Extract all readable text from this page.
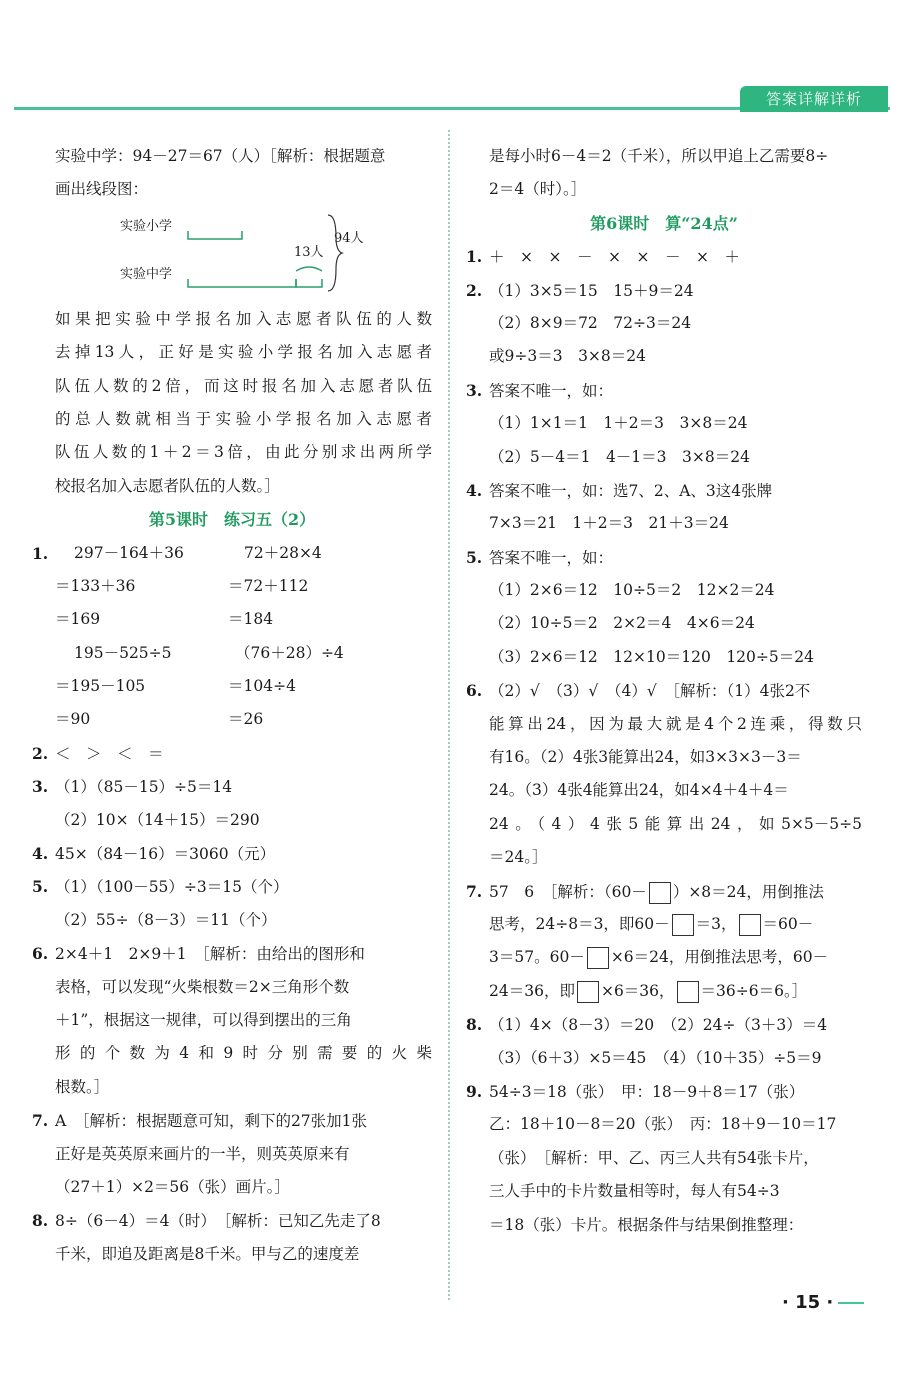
答案详解详析
实验中学：94－27＝67（人）［解析：根据题意
画出线段图：
实验小学
实验中学
13人
94人
如果把实验中学报名加入志愿者队伍的人数
去掉13人，正好是实验小学报名加入志愿者
队伍人数的2倍，而这时报名加入志愿者队伍
的总人数就相当于实验小学报名加入志愿者
队伍人数的1＋2＝3倍，由此分别求出两所学
校报名加入志愿者队伍的人数。］
第5课时　练习五（2）
1. 297－164＋36	72＋28×4
＝133＋36	＝72＋112
＝169	＝184
195－525÷5	（76＋28）÷4
＝195－105	＝104÷4
＝90	＝26
2. ＜　＞　＜　＝
3. （1）（85－15）÷5＝14
（2）10×（14＋15）＝290
4. 45×（84－16）＝3060（元）
5. （1）（100－55）÷3＝15（个）
（2）55÷（8－3）＝11（个）
6. 2×4＋1　2×9＋1　［解析：由给出的图形和
表格，可以发现“火柴根数＝2×三角形个数
＋1”，根据这一规律，可以得到摆出的三角
形的个数为4和9时分别需要的火柴
根数。］
7. A　［解析：根据题意可知，剩下的27张加1张
正好是英英原来画片的一半，则英英原来有
（27＋1）×2＝56（张）画片。］
8. 8÷（6－4）＝4（时）　［解析：已知乙先走了8
千米，即追及距离是8千米。甲与乙的速度差
是每小时6－4＝2（千米），所以甲追上乙需要8÷
2＝4（时）。］
第6课时　算“24点”
1. ＋　×　×　－　×　×　－　×　＋
2. （1）3×5＝15　15＋9＝24
（2）8×9＝72　72÷3＝24
或9÷3＝3　3×8＝24
3. 答案不唯一，如：
（1）1×1＝1　1＋2＝3　3×8＝24
（2）5－4＝1　4－1＝3　3×8＝24
4. 答案不唯一，如：选7、2、A、3这4张牌
7×3＝21　1＋2＝3　21＋3＝24
5. 答案不唯一，如：
（1）2×6＝12　10÷5＝2　12×2＝24
（2）10÷5＝2　2×2＝4　4×6＝24
（3）2×6＝12　12×10＝120　120÷5＝24
6. （2）√　（3）√　（4）√　［解析：（1）4张2不
能算出24，因为最大就是4个2连乘，得数只
有16。（2）4张3能算出24，如3×3×3－3＝
24。（3）4张4能算出24，如4×4＋4＋4＝
24。（4）4张5能算出24，如5×5－5÷5
＝24。］
7. 57　6　［解析：（60－ ）×8＝24，用倒推法
思考，24÷8＝3，即60－ ＝3， ＝60－
3＝57。60－ ×6＝24，用倒推法思考，60－
24＝36，即 ×6＝36， ＝36÷6＝6。］
8. （1）4×（8－3）＝20　（2）24÷（3＋3）＝4
（3）（6＋3）×5＝45　（4）（10＋35）÷5＝9
9. 54÷3＝18（张）　甲：18－9＋8＝17（张）
乙：18＋10－8＝20（张）　丙：18＋9－10＝17
（张）　［解析：甲、乙、丙三人共有54张卡片，
三人手中的卡片数量相等时，每人有54÷3
＝18（张）卡片。根据条件与结果倒推整理：
· 15 ·
